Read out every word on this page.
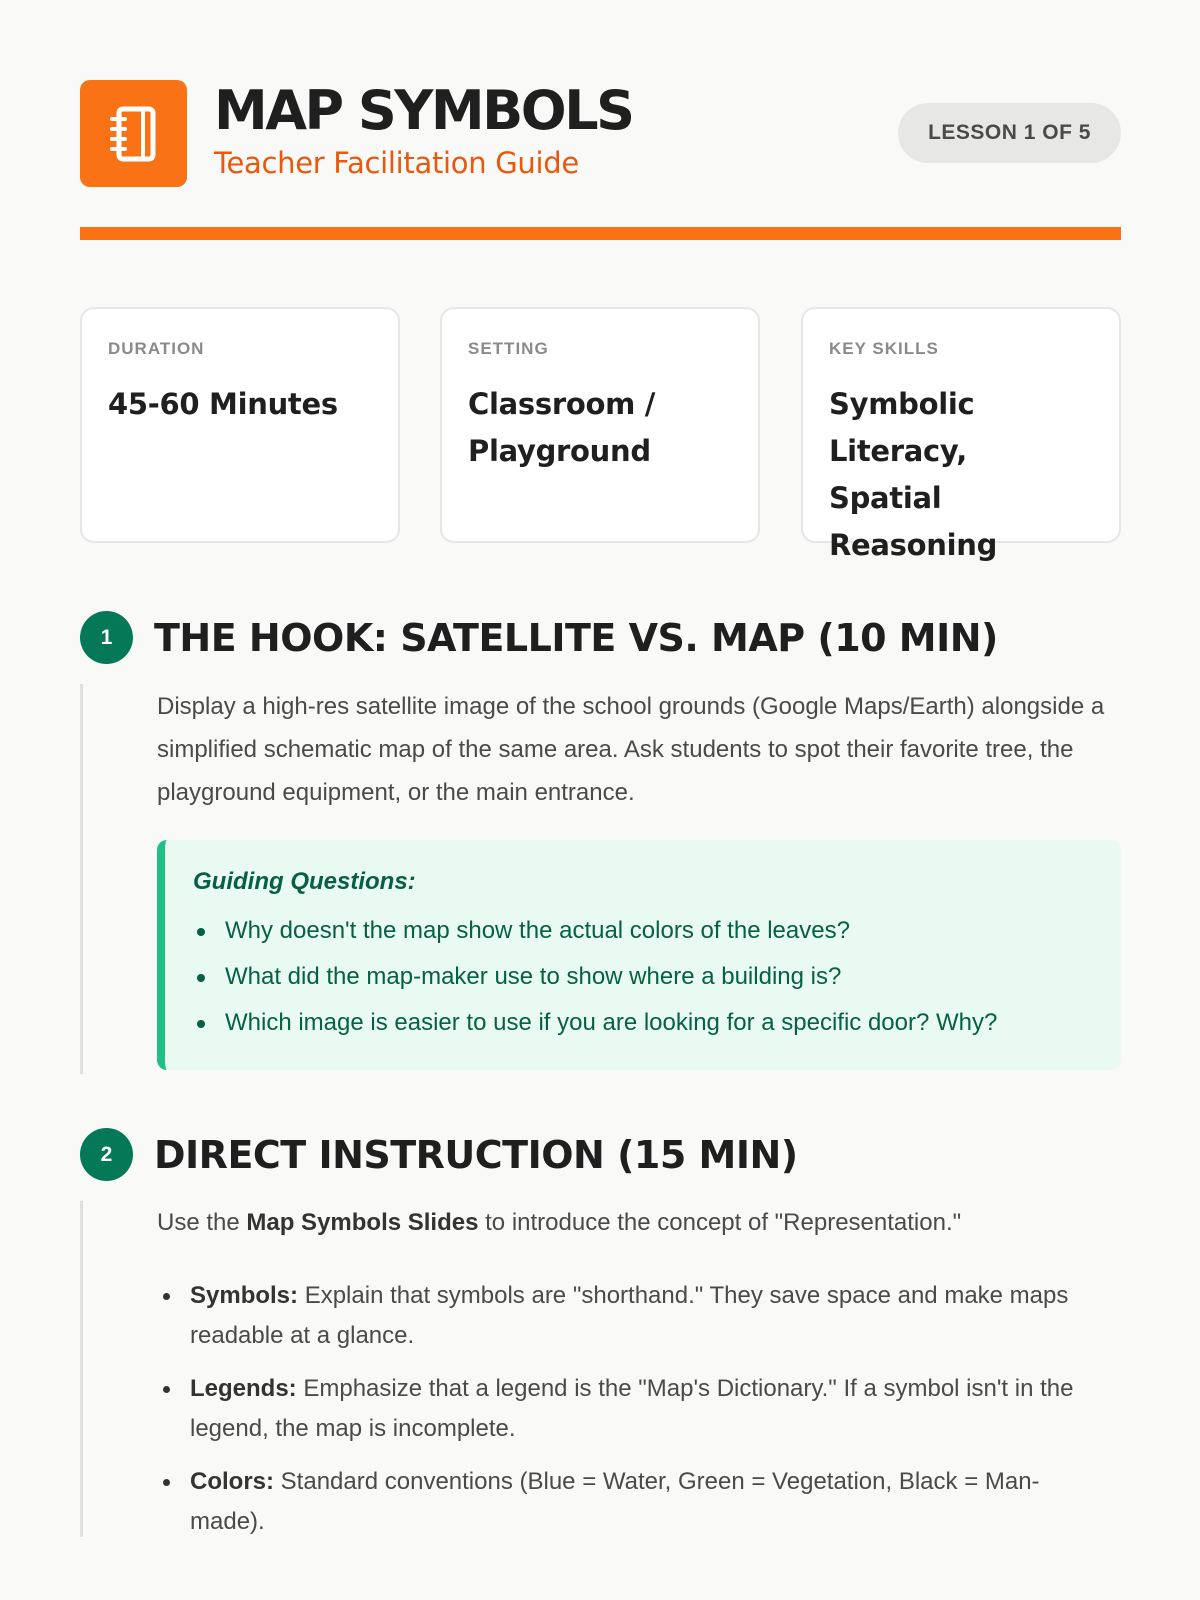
MAP SYMBOLS
Teacher Facilitation Guide
LESSON 1 OF 5
DURATION
45-60 Minutes
SETTING
Classroom / Playground
KEY SKILLS
Symbolic Literacy, Spatial Reasoning
1	THE HOOK: SATELLITE VS. MAP (10 MIN)
Display a high-res satellite image of the school grounds (Google Maps/Earth) alongside a simplified schematic map of the same area. Ask students to spot their favorite tree, the playground equipment, or the main entrance.
Guiding Questions:
Why doesn't the map show the actual colors of the leaves?
What did the map-maker use to show where a building is?
Which image is easier to use if you are looking for a specific door? Why?
2	DIRECT INSTRUCTION (15 MIN)
Use the Map Symbols Slides to introduce the concept of "Representation."
Symbols: Explain that symbols are "shorthand." They save space and make maps readable at a glance.
Legends: Emphasize that a legend is the "Map's Dictionary." If a symbol isn't in the legend, the map is incomplete.
Colors: Standard conventions (Blue = Water, Green = Vegetation, Black = Man-made).
